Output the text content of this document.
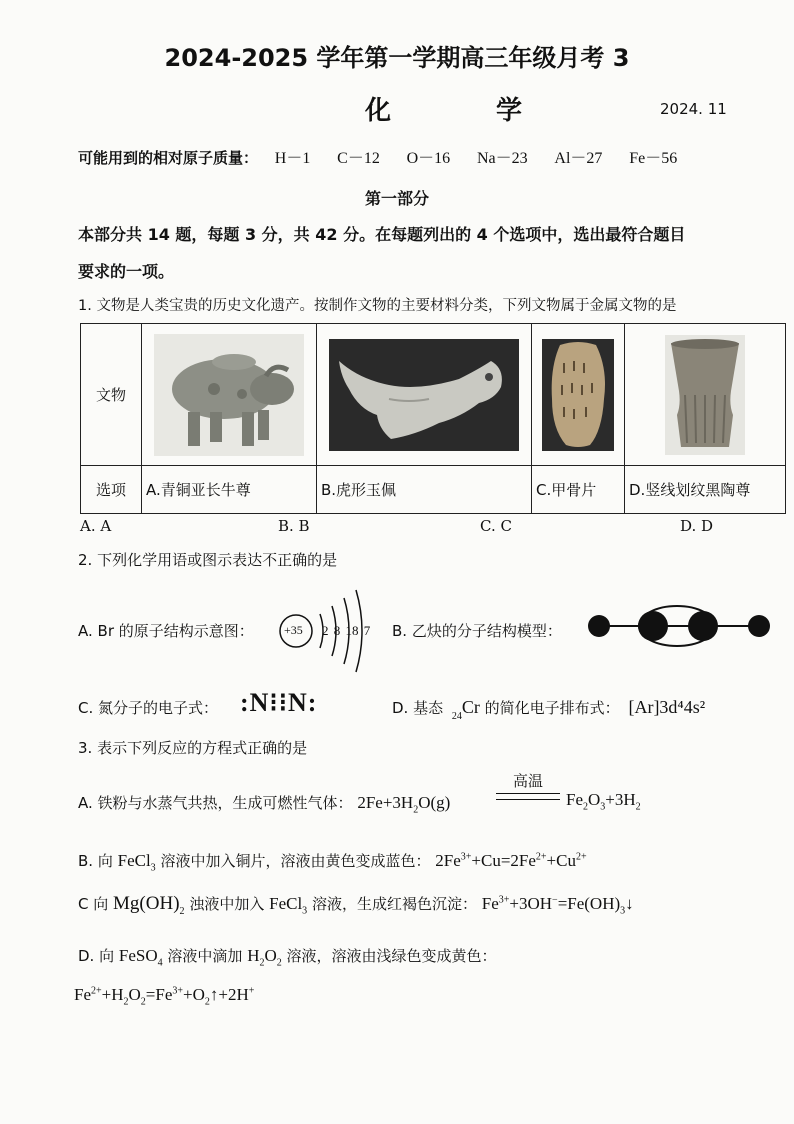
2024-2025 学年第一学期高三年级月考 3
化 学	2024. 11
可能用到的相对原子质量： H－1 C－12 O－16 Na－23 Al－27 Fe－56
第一部分
本部分共 14 题，每题 3 分，共 42 分。在每题列出的 4 个选项中，选出最符合题目
要求的一项。
1. 文物是人类宝贵的历史文化遗产。按制作文物的主要材料分类，下列文物属于金属文物的是
文物	

选项	A.青铜亚长牛尊	B.虎形玉佩	C.甲骨片	D.竖线划纹黑陶尊
A. A	B. B	C. C	D. D
2. 下列化学用语或图示表达不正确的是
A. Br 的原子结构示意图：	+35 2 8 18 7 B. 乙炔的分子结构模型：
C. 氮分子的电子式： :N⁝⁝N:	D. 基态 $_{24}$Cr 的简化电子排布式： [Ar]3d⁴4s²
3. 表示下列反应的方程式正确的是
A. 铁粉与水蒸气共热，生成可燃性气体： $2Fe+3H_2O(g)$
高温
$Fe_2O_3+3H_2$
B. 向 FeCl$_3$ 溶液中加入铜片，溶液由黄色变成蓝色： $2Fe^{3+}+Cu=2Fe^{2+}+Cu^{2+}$
C 向 $Mg(OH)_2$ 浊液中加入 FeCl$_3$ 溶液，生成红褐色沉淀： $Fe^{3+}+3OH^-=Fe(OH)_3↓$
D. 向 FeSO$_4$ 溶液中滴加 $H_2O_2$ 溶液，溶液由浅绿色变成黄色：
$Fe^{2+}+H_2O_2=Fe^{3+}+O_2↑+2H^+$
